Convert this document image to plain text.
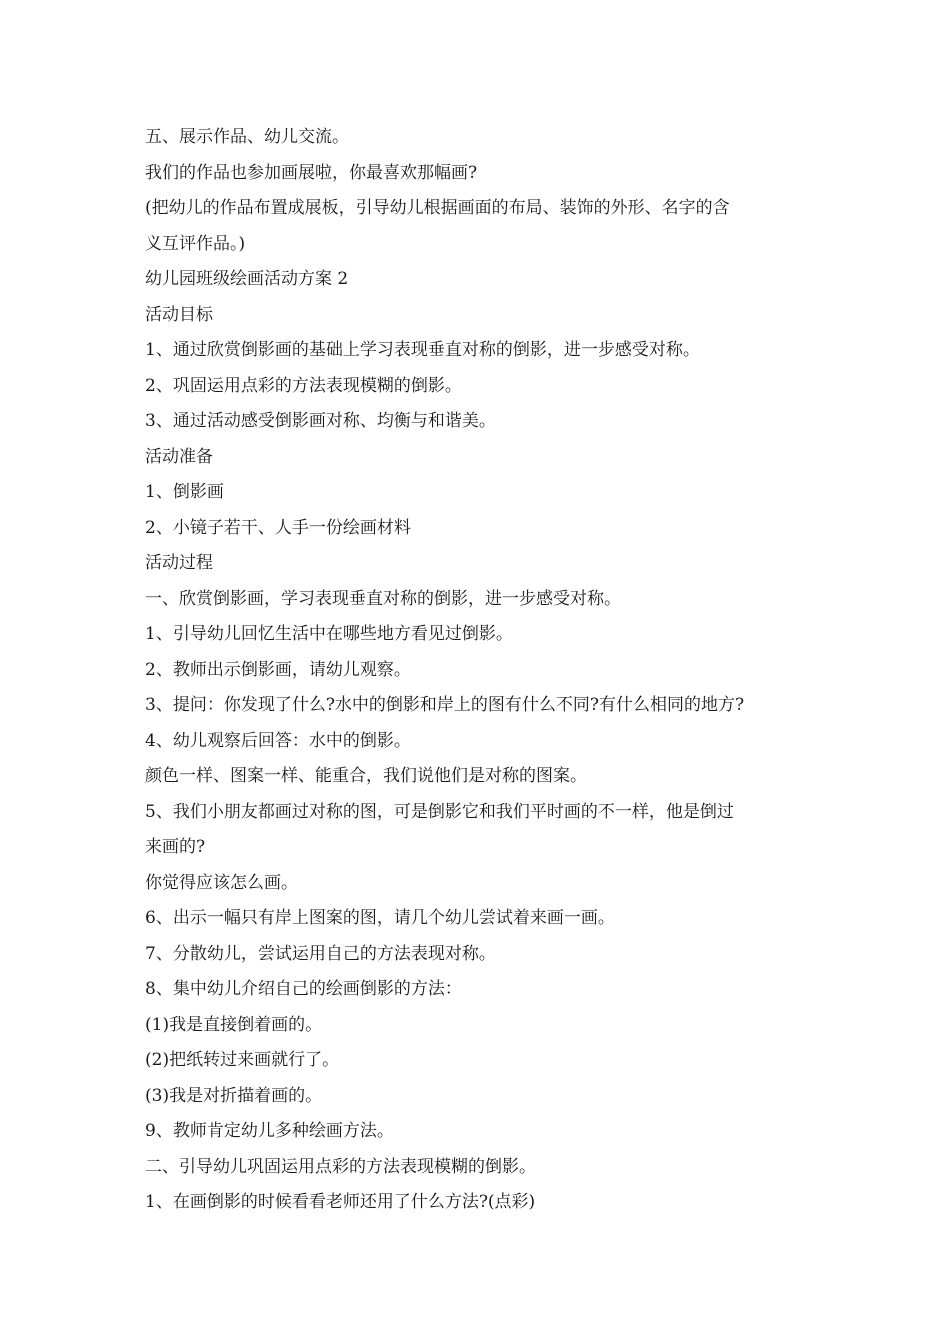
五、展示作品、幼儿交流。

我们的作品也参加画展啦，你最喜欢那幅画?

(把幼儿的作品布置成展板，引导幼儿根据画面的布局、装饰的外形、名字的含

义互评作品。)

幼儿园班级绘画活动方案 2

活动目标

1、通过欣赏倒影画的基础上学习表现垂直对称的倒影，进一步感受对称。

2、巩固运用点彩的方法表现模糊的倒影。

3、通过活动感受倒影画对称、均衡与和谐美。

活动准备

1、倒影画

2、小镜子若干、人手一份绘画材料

活动过程

一、欣赏倒影画，学习表现垂直对称的倒影，进一步感受对称。

1、引导幼儿回忆生活中在哪些地方看见过倒影。

2、教师出示倒影画，请幼儿观察。

3、提问：你发现了什么?水中的倒影和岸上的图有什么不同?有什么相同的地方?

4、幼儿观察后回答：水中的倒影。

颜色一样、图案一样、能重合，我们说他们是对称的图案。

5、我们小朋友都画过对称的图，可是倒影它和我们平时画的不一样，他是倒过

来画的?

你觉得应该怎么画。

6、出示一幅只有岸上图案的图，请几个幼儿尝试着来画一画。

7、分散幼儿，尝试运用自己的方法表现对称。

8、集中幼儿介绍自己的绘画倒影的方法：

(1)我是直接倒着画的。

(2)把纸转过来画就行了。

(3)我是对折描着画的。

9、教师肯定幼儿多种绘画方法。

二、引导幼儿巩固运用点彩的方法表现模糊的倒影。

1、在画倒影的时候看看老师还用了什么方法?(点彩)
